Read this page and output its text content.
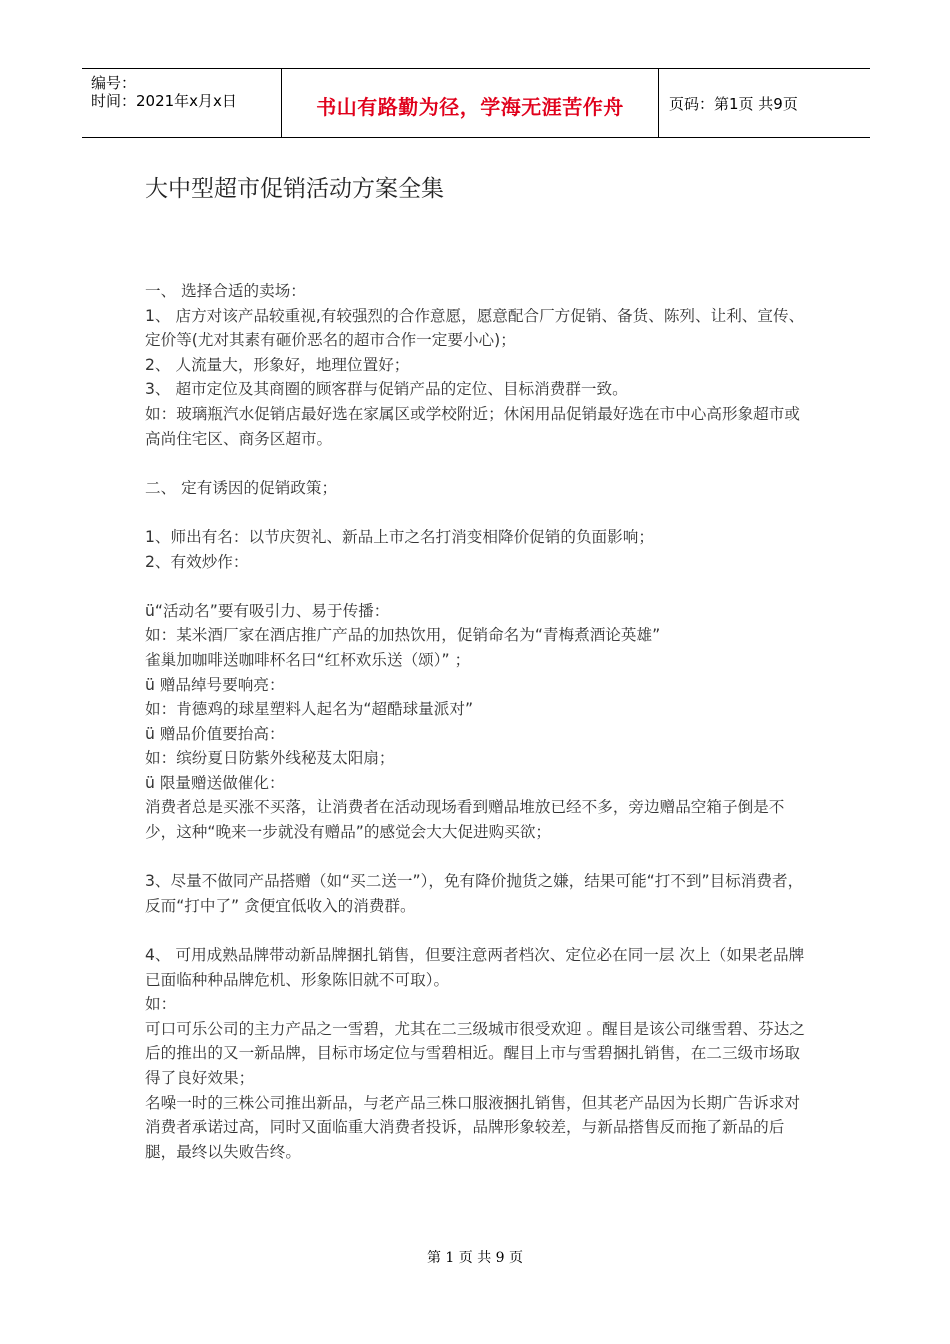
编号：
时间：2021年x月x日	书山有路勤为径，学海无涯苦作舟	页码：第1页 共9页
大中型超市促销活动方案全集
一、 选择合适的卖场：
1、 店方对该产品较重视,有较强烈的合作意愿，愿意配合厂方促销、备货、陈列、让利、宣传、定价等(尤对其素有砸价恶名的超市合作一定要小心)；
2、 人流量大，形象好，地理位置好；
3、 超市定位及其商圈的顾客群与促销产品的定位、目标消费群一致。
如：玻璃瓶汽水促销店最好选在家属区或学校附近；休闲用品促销最好选在市中心高形象超市或高尚住宅区、商务区超市。
二、 定有诱因的促销政策；
1、师出有名：以节庆贺礼、新品上市之名打消变相降价促销的负面影响；
2、有效炒作：
ü“活动名”要有吸引力、易于传播：
如：某米酒厂家在酒店推广产品的加热饮用，促销命名为“青梅煮酒论英雄”
雀巢加咖啡送咖啡杯名曰“红杯欢乐送（颂）” ；
ü 赠品绰号要响亮：
如：肯德鸡的球星塑料人起名为“超酷球量派对”
ü 赠品价值要抬高：
如：缤纷夏日防紫外线秘芨太阳扇；
ü 限量赠送做催化：
消费者总是买涨不买落，让消费者在活动现场看到赠品堆放已经不多，旁边赠品空箱子倒是不少，这种“晚来一步就没有赠品”的感觉会大大促进购买欲；
3、尽量不做同产品搭赠（如“买二送一”），免有降价抛货之嫌，结果可能“打不到”目标消费者，反而“打中了” 贪便宜低收入的消费群。
4、 可用成熟品牌带动新品牌捆扎销售，但要注意两者档次、定位必在同一层 次上（如果老品牌已面临种种品牌危机、形象陈旧就不可取）。
如：
可口可乐公司的主力产品之一雪碧，尤其在二三级城市很受欢迎 。醒目是该公司继雪碧、芬达之后的推出的又一新品牌，目标市场定位与雪碧相近。醒目上市与雪碧捆扎销售，在二三级市场取得了良好效果；
名噪一时的三株公司推出新品，与老产品三株口服液捆扎销售，但其老产品因为长期广告诉求对消费者承诺过高，同时又面临重大消费者投诉，品牌形象较差，与新品搭售反而拖了新品的后腿，最终以失败告终。
第 1 页 共 9 页
